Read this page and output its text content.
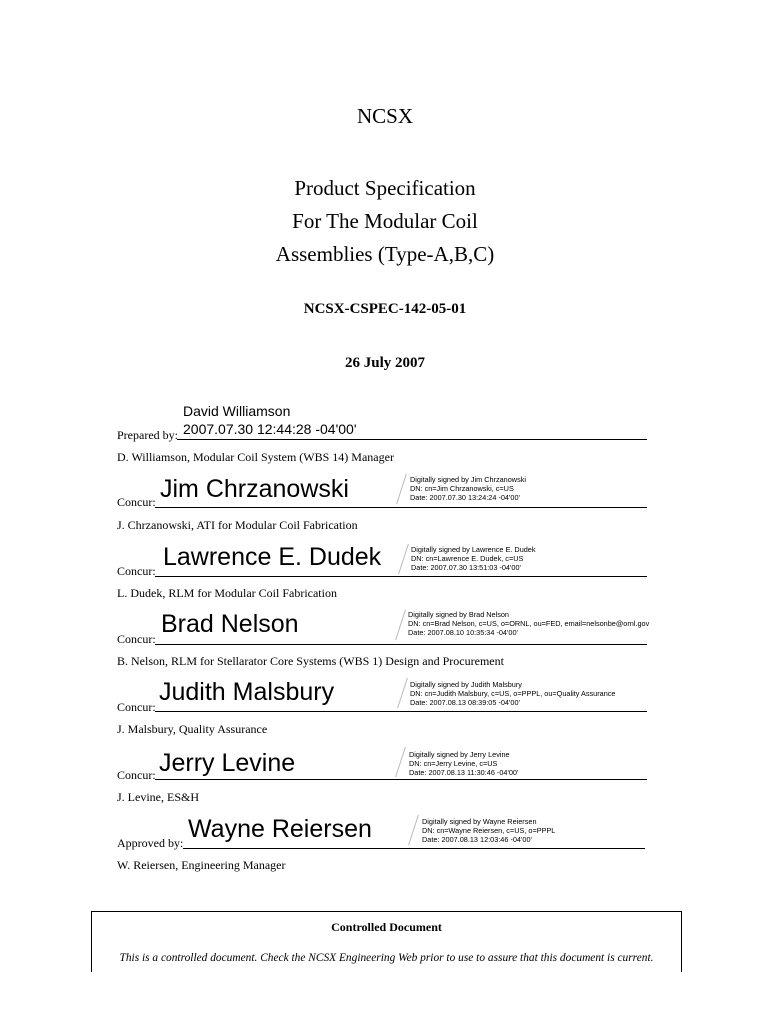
NCSX
Product Specification
For The Modular Coil
Assemblies (Type-A,B,C)
NCSX-CSPEC-142-05-01
26 July 2007
David Williamson
2007.07.30 12:44:28 -04'00'
Prepared by:
D. Williamson, Modular Coil System (WBS 14) Manager
Concur: Jim Chrzanowski	Digitally signed by Jim Chrzanowski
DN: cn=Jim Chrzanowski, c=US
Date: 2007.07.30 13:24:24 -04'00'
J. Chrzanowski, ATI for Modular Coil Fabrication
Concur: Lawrence E. Dudek	Digitally signed by Lawrence E. Dudek
DN: cn=Lawrence E. Dudek, c=US
Date: 2007.07.30 13:51:03 -04'00'
L. Dudek, RLM for Modular Coil Fabrication
Concur:
Brad Nelson	Digitally signed by Brad Nelson
DN: cn=Brad Nelson, c=US, o=ORNL, ou=FED, email=nelsonbe@ornl.gov
Date: 2007.08.10 10:35:34 -04'00'
B. Nelson, RLM for Stellarator Core Systems (WBS 1) Design and Procurement
Concur:
Judith Malsbury	Digitally signed by Judith Malsbury
DN: cn=Judith Malsbury, c=US, o=PPPL, ou=Quality Assurance
Date: 2007.08.13 08:39:05 -04'00'
J. Malsbury, Quality Assurance
Concur: Jerry Levine	Digitally signed by Jerry Levine
DN: cn=Jerry Levine, c=US
Date: 2007.08.13 11:30:46 -04'00'
J. Levine, ES&H
Approved by: Wayne Reiersen	Digitally signed by Wayne Reiersen
DN: cn=Wayne Reiersen, c=US, o=PPPL
Date: 2007.08.13 12:03:46 -04'00'
W. Reiersen, Engineering Manager
Controlled Document
This is a controlled document. Check the NCSX Engineering Web prior to use to assure that this document is current.
